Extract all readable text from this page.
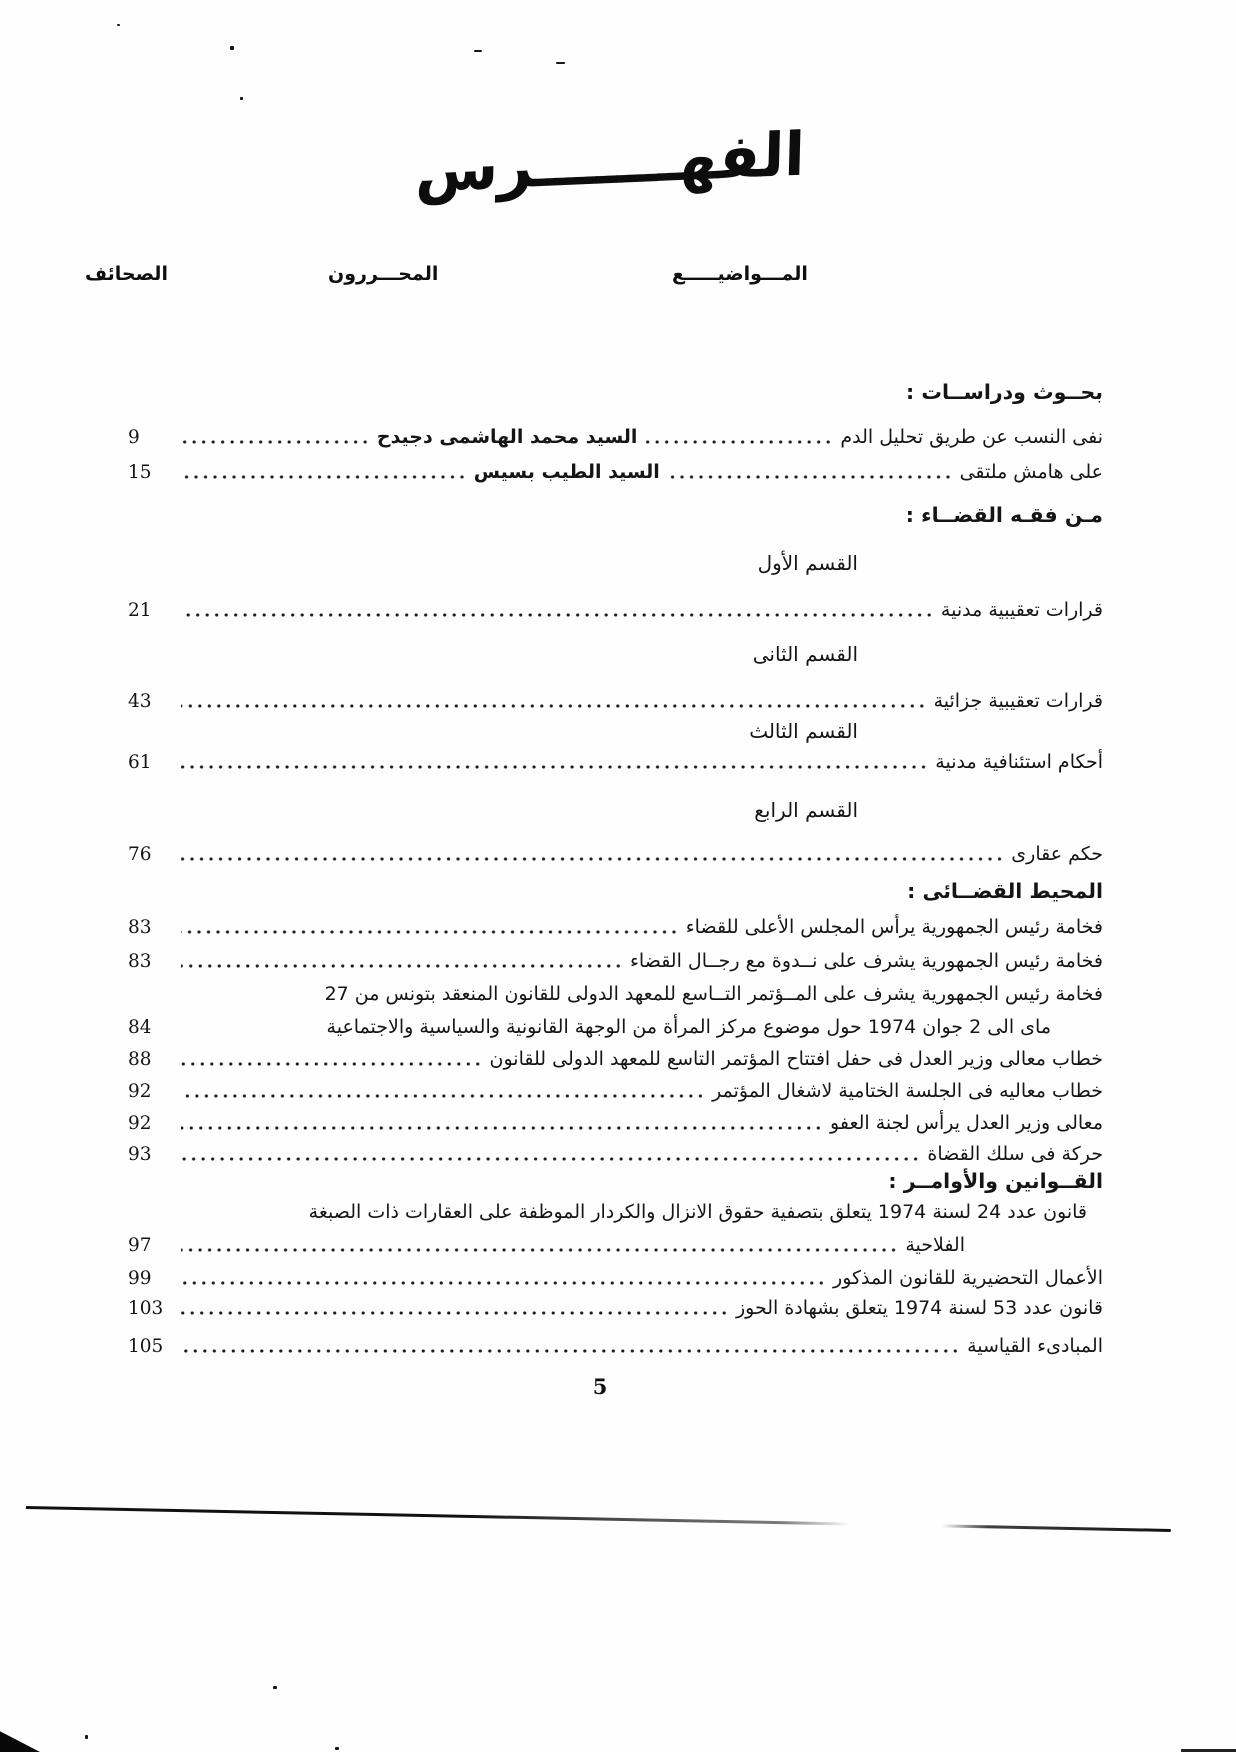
الفهـــــــرس
الصحائف	المحـــررون	المـــواضيـــــع
بحــوث ودراســات :
نفى النسب عن طريق تحليل الدم
السيد محمد الهاشمى دجيدح
9
على هامش ملتقى
السيد الطيب بسيس
15
مـن فقـه القضــاء :
القسم الأول
قرارات تعقيبية مدنية
21
القسم الثانى
قرارات تعقيبية جزائية
43
القسم الثالث
أحكام استئنافية مدنية
61
القسم الرابع
حكم عقارى
76
المحيط القضــائى :
فخامة رئيس الجمهورية يرأس المجلس الأعلى للقضاء
83
فخامة رئيس الجمهورية يشرف على نــدوة مع رجــال القضاء
83
فخامة رئيس الجمهورية يشرف على المــؤتمر التــاسع للمعهد الدولى للقانون المنعقد بتونس من 27
ماى الى 2 جوان 1974 حول موضوع مركز المرأة من الوجهة القانونية والسياسية والاجتماعية
84
خطاب معالى وزير العدل فى حفل افتتاح المؤتمر التاسع للمعهد الدولى للقانون
88
خطاب معاليه فى الجلسة الختامية لاشغال المؤتمر
92
معالى وزير العدل يرأس لجنة العفو
92
حركة فى سلك القضاة
93
القــوانين والأوامــر :
قانون عدد 24 لسنة 1974 يتعلق بتصفية حقوق الانزال والكردار الموظفة على العقارات ذات الصبغة
الفلاحية
97
الأعمال التحضيرية للقانون المذكور
99
قانون عدد 53 لسنة 1974 يتعلق بشهادة الحوز
103
المبادىء القياسية
105
5
